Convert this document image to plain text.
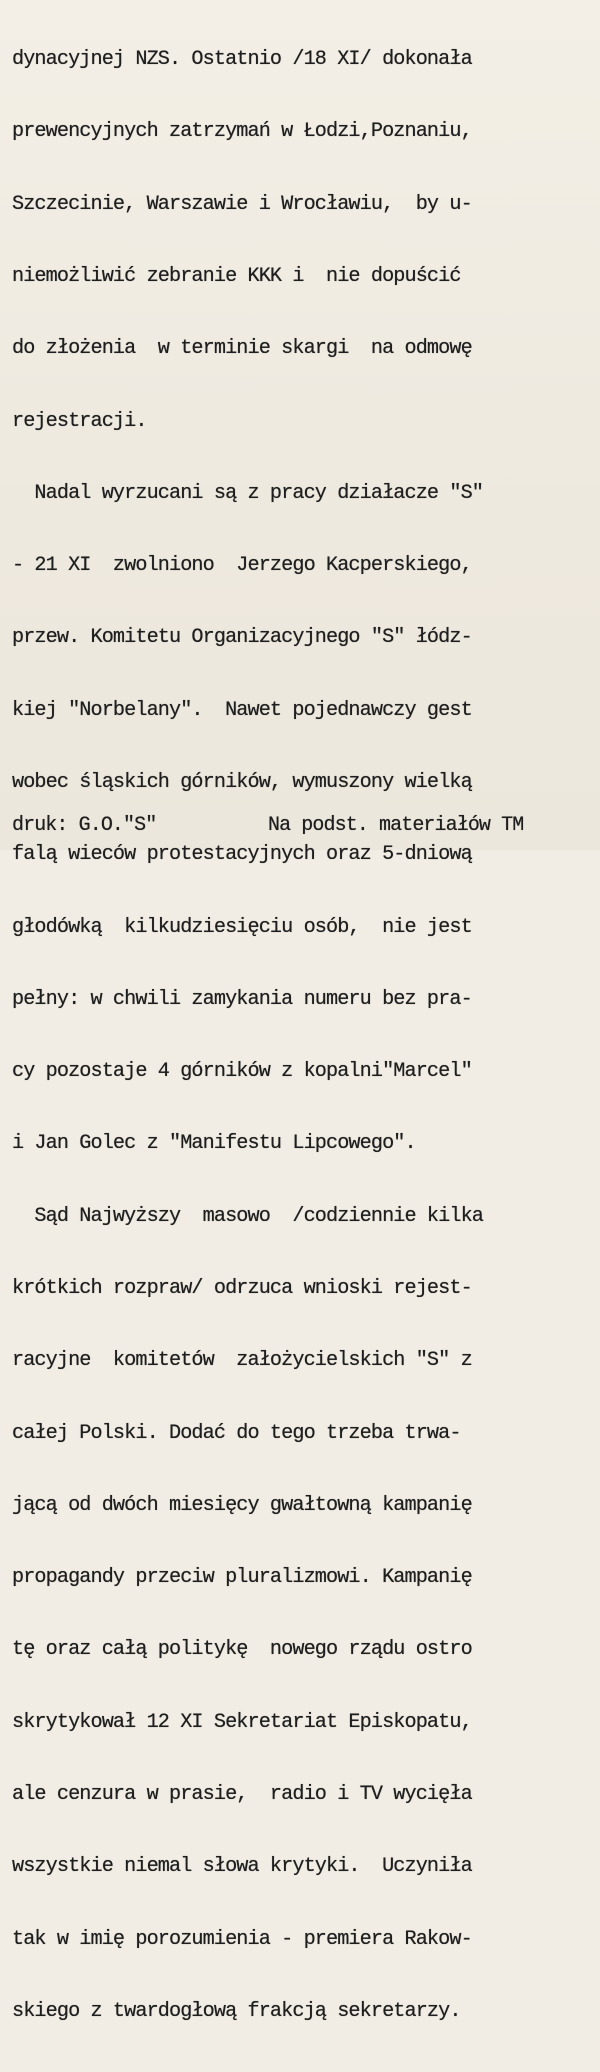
dynacyjnej NZS. Ostatnio /18 XI/ dokonała

prewencyjnych zatrzymań w Łodzi,Poznaniu,

Szczecinie, Warszawie i Wrocławiu,  by u-

niemożliwić zebranie KKK i  nie dopuścić

do złożenia  w terminie skargi  na odmowę

rejestracji.

Nadal wyrzucani są z pracy działacze "S"

- 21 XI  zwolniono  Jerzego Kacperskiego,

przew. Komitetu Organizacyjnego "S" łódz-

kiej "Norbelany".  Nawet pojednawczy gest

wobec śląskich górników, wymuszony wielką

falą wieców protestacyjnych oraz 5-dniową

głodówką  kilkudziesięciu osób,  nie jest

pełny: w chwili zamykania numeru bez pra-

cy pozostaje 4 górników z kopalni"Marcel"

i Jan Golec z "Manifestu Lipcowego".

Sąd Najwyższy  masowo  /codziennie kilka

krótkich rozpraw/ odrzuca wnioski rejest-

racyjne  komitetów  założycielskich "S" z

całej Polski. Dodać do tego trzeba trwa-

jącą od dwóch miesięcy gwałtowną kampanię

propagandy przeciw pluralizmowi. Kampanię

tę oraz całą politykę  nowego rządu ostro

skrytykował 12 XI Sekretariat Episkopatu,

ale cenzura w prasie,  radio i TV wycięła

wszystkie niemal słowa krytyki.  Uczyniła

tak w imię porozumienia - premiera Rakow-

skiego z twardogłową frakcją sekretarzy.

druk: G.O."S"

	Na podst. materiałów TM
